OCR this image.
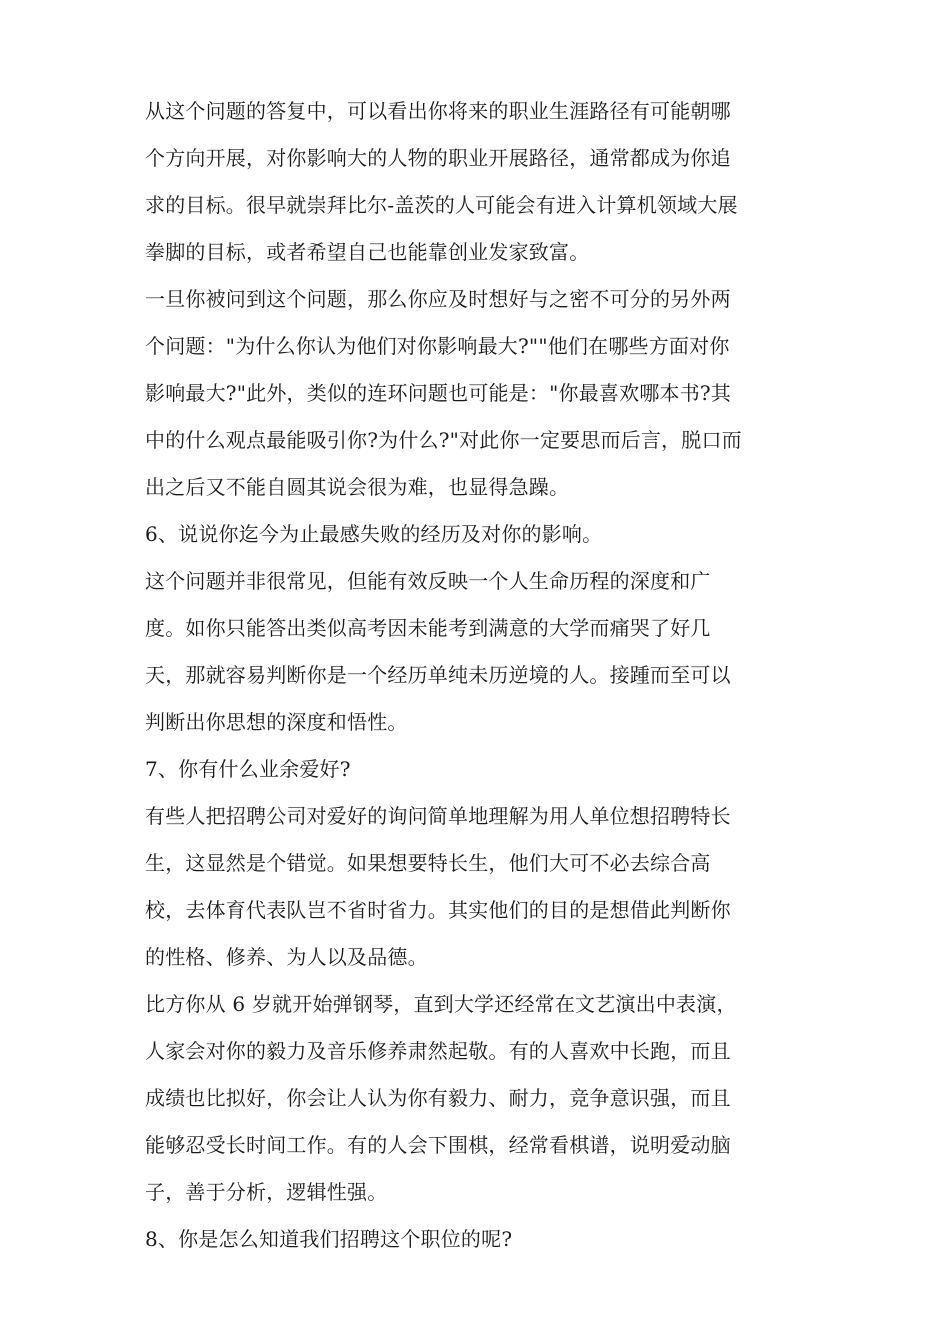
从这个问题的答复中，可以看出你将来的职业生涯路径有可能朝哪
个方向开展，对你影响大的人物的职业开展路径，通常都成为你追
求的目标。很早就崇拜比尔-盖茨的人可能会有进入计算机领域大展
拳脚的目标，或者希望自己也能靠创业发家致富。
一旦你被问到这个问题，那么你应及时想好与之密不可分的另外两
个问题："为什么你认为他们对你影响最大?""他们在哪些方面对你
影响最大?"此外，类似的连环问题也可能是："你最喜欢哪本书?其
中的什么观点最能吸引你?为什么?"对此你一定要思而后言，脱口而
出之后又不能自圆其说会很为难，也显得急躁。
6、说说你迄今为止最感失败的经历及对你的影响。
这个问题并非很常见，但能有效反映一个人生命历程的深度和广
度。如你只能答出类似高考因未能考到满意的大学而痛哭了好几
天，那就容易判断你是一个经历单纯未历逆境的人。接踵而至可以
判断出你思想的深度和悟性。
7、你有什么业余爱好?
有些人把招聘公司对爱好的询问简单地理解为用人单位想招聘特长
生，这显然是个错觉。如果想要特长生，他们大可不必去综合高
校，去体育代表队岂不省时省力。其实他们的目的是想借此判断你
的性格、修养、为人以及品德。
比方你从 6 岁就开始弹钢琴，直到大学还经常在文艺演出中表演，
人家会对你的毅力及音乐修养肃然起敬。有的人喜欢中长跑，而且
成绩也比拟好，你会让人认为你有毅力、耐力，竞争意识强，而且
能够忍受长时间工作。有的人会下围棋，经常看棋谱，说明爱动脑
子，善于分析，逻辑性强。
8、你是怎么知道我们招聘这个职位的呢?
